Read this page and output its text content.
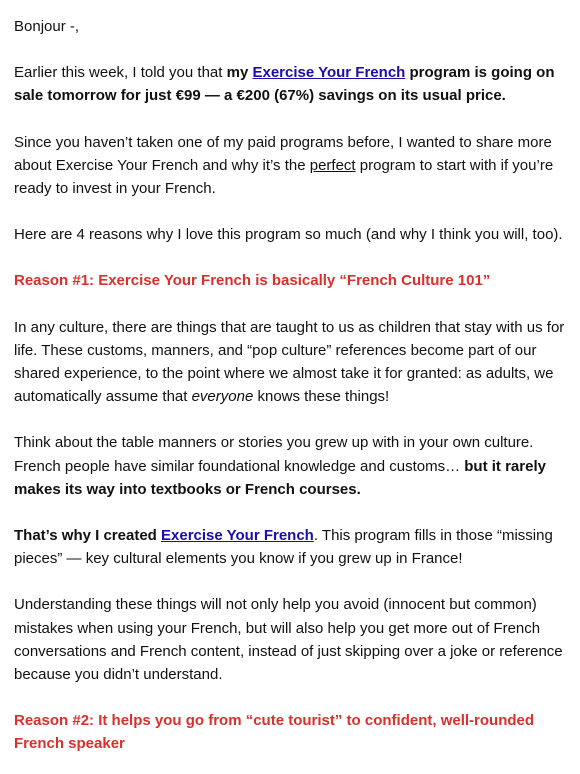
Bonjour -,

Earlier this week, I told you that my Exercise Your French program is going on sale tomorrow for just €99 — a €200 (67%) savings on its usual price.

Since you haven’t taken one of my paid programs before, I wanted to share more about Exercise Your French and why it’s the perfect program to start with if you’re ready to invest in your French.

Here are 4 reasons why I love this program so much (and why I think you will, too).

Reason #1: Exercise Your French is basically “French Culture 101”

In any culture, there are things that are taught to us as children that stay with us for life. These customs, manners, and “pop culture” references become part of our shared experience, to the point where we almost take it for granted: as adults, we automatically assume that everyone knows these things!

Think about the table manners or stories you grew up with in your own culture. French people have similar foundational knowledge and customs… but it rarely makes its way into textbooks or French courses.

That’s why I created Exercise Your French. This program fills in those “missing pieces” — key cultural elements you know if you grew up in France!

Understanding these things will not only help you avoid (innocent but common) mistakes when using your French, but will also help you get more out of French conversations and French content, instead of just skipping over a joke or reference because you didn’t understand.

Reason #2: It helps you go from “cute tourist” to confident, well-rounded French speaker
